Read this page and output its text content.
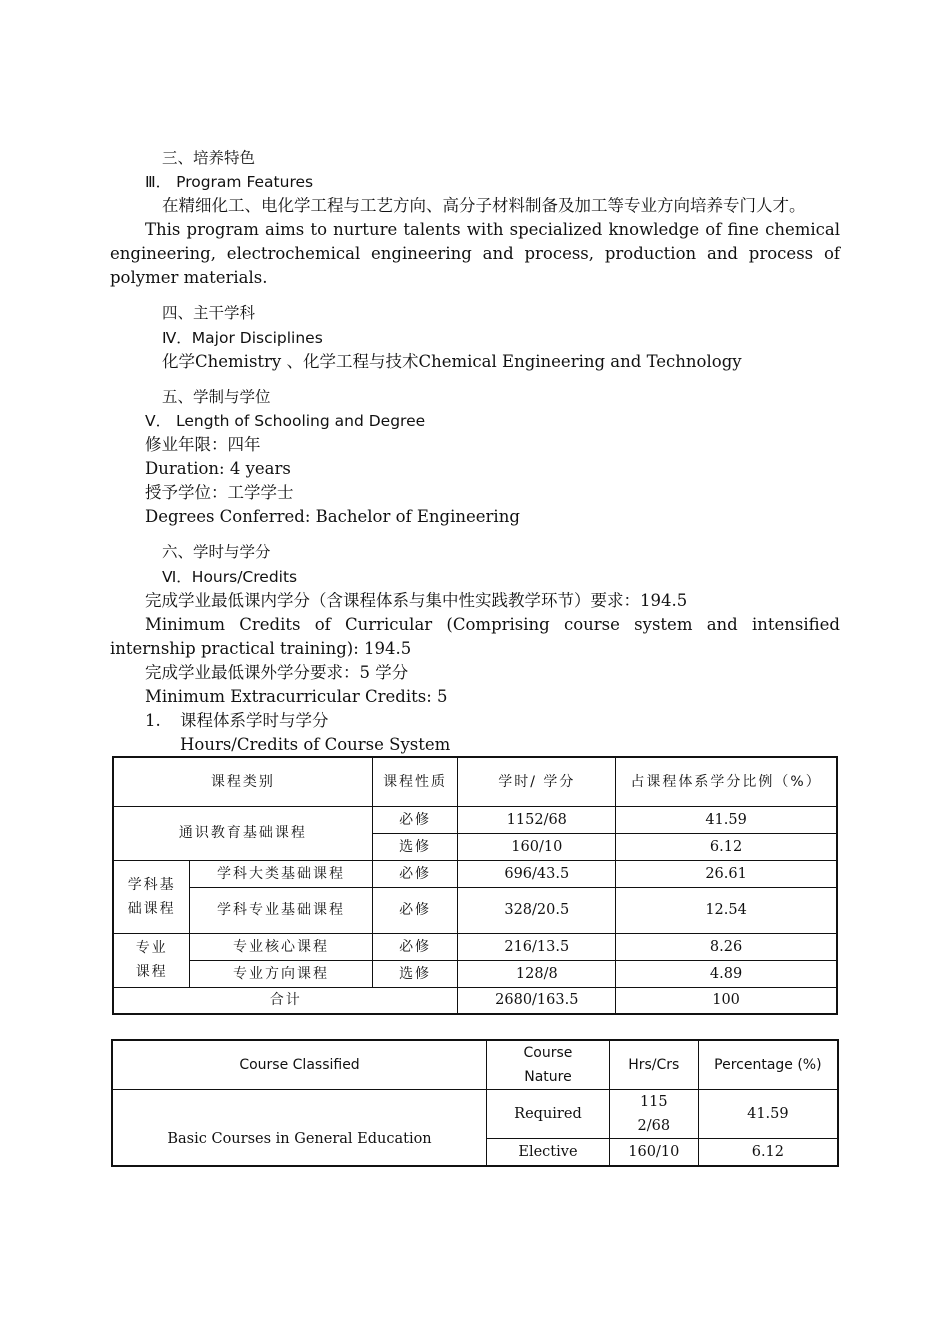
三、培养特色
Ⅲ． Program Features
在精细化工、电化学工程与工艺方向、高分子材料制备及加工等专业方向培养专门人才。
This program aims to nurture talents with specialized knowledge of fine chemical engineering, electrochemical engineering and process, production and process of polymer materials.
四、主干学科
Ⅳ．Major Disciplines
化学Chemistry 、化学工程与技术Chemical Engineering and Technology
五、学制与学位
Ⅴ． Length of Schooling and Degree
修业年限：四年
Duration: 4 years
授予学位：工学学士
Degrees Conferred: Bachelor of Engineering
六、学时与学分
Ⅵ．Hours/Credits
完成学业最低课内学分（含课程体系与集中性实践教学环节）要求：194.5
Minimum Credits of Curricular (Comprising course system and intensified internship practical training): 194.5
完成学业最低课外学分要求：5 学分
Minimum Extracurricular Credits: 5
1. 课程体系学时与学分
Hours/Credits of Course System
课程类别		课程性质	学时/ 学分	占课程体系学分比例（%）
通识教育基础课程		必修	1152/68	41.59
		选修	160/10	6.12
学科基础课程	学科大类基础课程	必修	696/43.5	26.61
	学科专业基础课程	必修	328/20.5	12.54
专业课程	专业核心课程	必修	216/13.5	8.26
	专业方向课程	选修	128/8	4.89
合计			2680/163.5	100
Course Classified	Course Nature	Hrs/Crs	Percentage (%)
Basic Courses in General Education	Required	1152/68	41.59
	Elective	160/10	6.12
